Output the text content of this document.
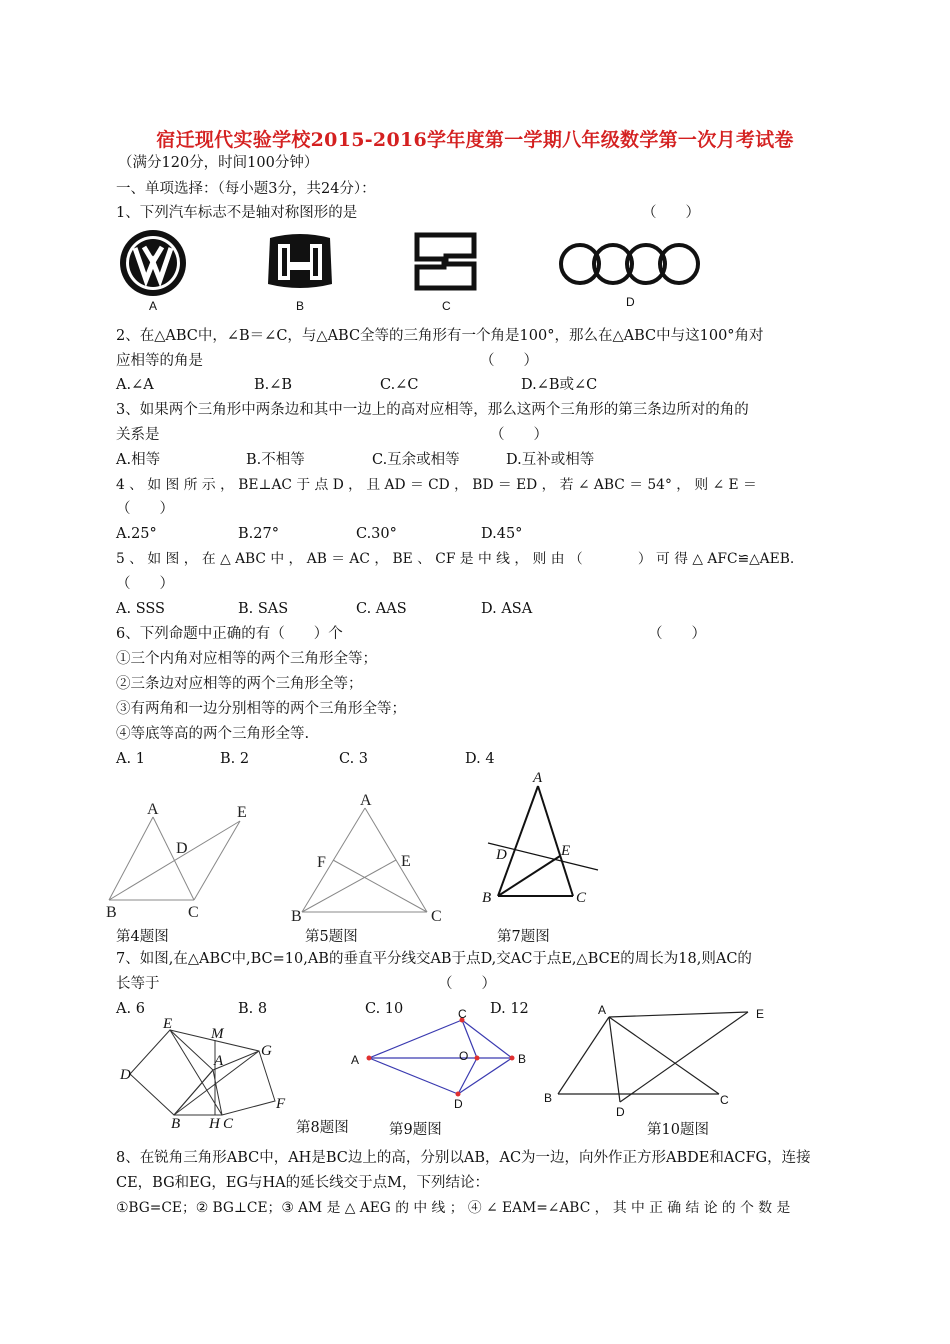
宿迁现代实验学校2015-2016学年度第一学期八年级数学第一次月考试卷
（满分120分，时间100分钟）
一、单项选择：（每小题3分，共24分）：
1、下列汽车标志不是轴对称图形的是	（　　）
A	B	C	D
2、在△ABC中，∠B＝∠C，与△ABC全等的三角形有一个角是100°，那么在△ABC中与这100°角对
应相等的角是	（　　）
A.∠A	B.∠B	C.∠C	D.∠B或∠C
3、如果两个三角形中两条边和其中一边上的高对应相等，那么这两个三角形的第三条边所对的角的
关系是	（　　）
A.相等	B.不相等	C.互余或相等	D.互补或相等
4 、 如 图 所 示 ， BE⊥AC 于 点 D ， 且 AD ＝ CD ， BD ＝ ED ， 若 ∠ ABC ＝ 54° ， 则 ∠ E ＝
（　　）
A.25°	B.27°	C.30°	D.45°
5 、 如 图 ， 在 △ ABC 中 ， AB ＝ AC ， BE 、 CF 是 中 线 ， 则 由 （　　　　） 可 得 △ AFC≌△AEB.
（　　）
A. SSS	B. SAS	C. AAS	D. ASA
6、下列命题中正确的有（　　）个	（　　）
①三个内角对应相等的两个三角形全等；
②三条边对应相等的两个三角形全等；
③有两角和一边分别相等的两个三角形全等；
④等底等高的两个三角形全等.
A. 1	B. 2	C. 3	D. 4
A	E
D
B	C
第4题图
A
F	E
B	C
第5题图
A
D	E
B	C
第7题图
7、如图,在△ABC中,BC=10,AB的垂直平分线交AB于点D,交AC于点E,△BCE的周长为18,则AC的
长等于	（　　）
A. 6	B. 8	C. 10	D. 12
E
M
A
G
D
F
B H C	第8题图
A
C
O	B
D
第9题图
A	E
B
D
C
第10题图
8、在锐角三角形ABC中，AH是BC边上的高，分别以AB，AC为一边，向外作正方形ABDE和ACFG，连接
CE，BG和EG，EG与HA的延长线交于点M，下列结论：
①BG=CE；② BG⊥CE；③ AM 是 △ AEG 的 中 线 ； ④ ∠ EAM=∠ABC ， 其 中 正 确 结 论 的 个 数 是
